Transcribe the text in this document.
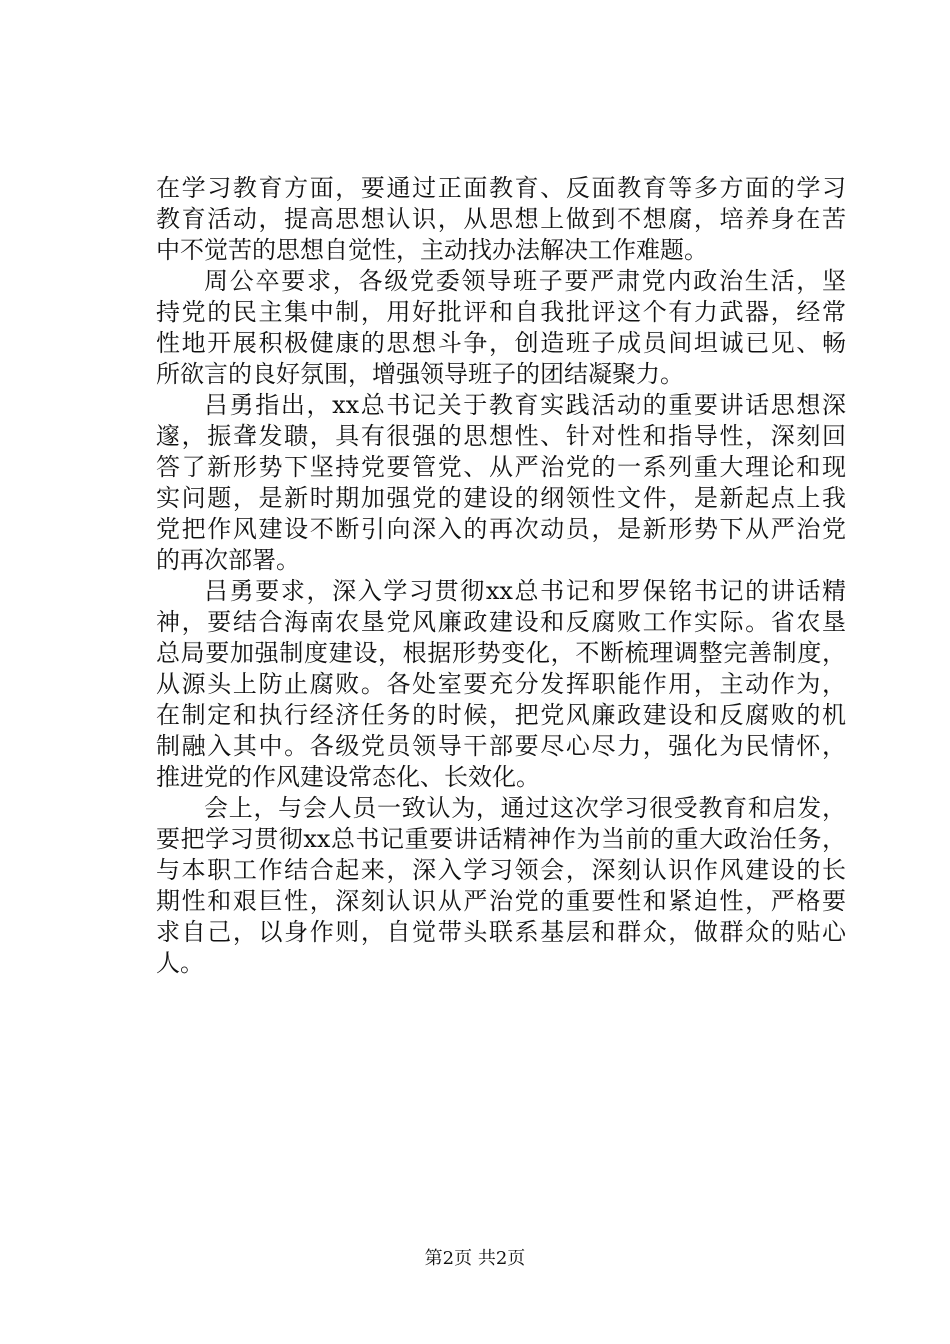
在学习教育方面，要通过正面教育、反面教育等多方面的学习
教育活动，提高思想认识，从思想上做到不想腐，培养身在苦
中不觉苦的思想自觉性，主动找办法解决工作难题。
周公卒要求，各级党委领导班子要严肃党内政治生活，坚
持党的民主集中制，用好批评和自我批评这个有力武器，经常
性地开展积极健康的思想斗争，创造班子成员间坦诚已见、畅
所欲言的良好氛围，增强领导班子的团结凝聚力。
吕勇指出，xx总书记关于教育实践活动的重要讲话思想深
邃，振聋发聩，具有很强的思想性、针对性和指导性，深刻回
答了新形势下坚持党要管党、从严治党的一系列重大理论和现
实问题，是新时期加强党的建设的纲领性文件，是新起点上我
党把作风建设不断引向深入的再次动员，是新形势下从严治党
的再次部署。
吕勇要求，深入学习贯彻xx总书记和罗保铭书记的讲话精
神，要结合海南农垦党风廉政建设和反腐败工作实际。省农垦
总局要加强制度建设，根据形势变化，不断梳理调整完善制度，
从源头上防止腐败。各处室要充分发挥职能作用，主动作为，
在制定和执行经济任务的时候，把党风廉政建设和反腐败的机
制融入其中。各级党员领导干部要尽心尽力，强化为民情怀，
推进党的作风建设常态化、长效化。
会上，与会人员一致认为，通过这次学习很受教育和启发，
要把学习贯彻xx总书记重要讲话精神作为当前的重大政治任务，
与本职工作结合起来，深入学习领会，深刻认识作风建设的长
期性和艰巨性，深刻认识从严治党的重要性和紧迫性，严格要
求自己，以身作则，自觉带头联系基层和群众，做群众的贴心
人。
第2页 共2页
